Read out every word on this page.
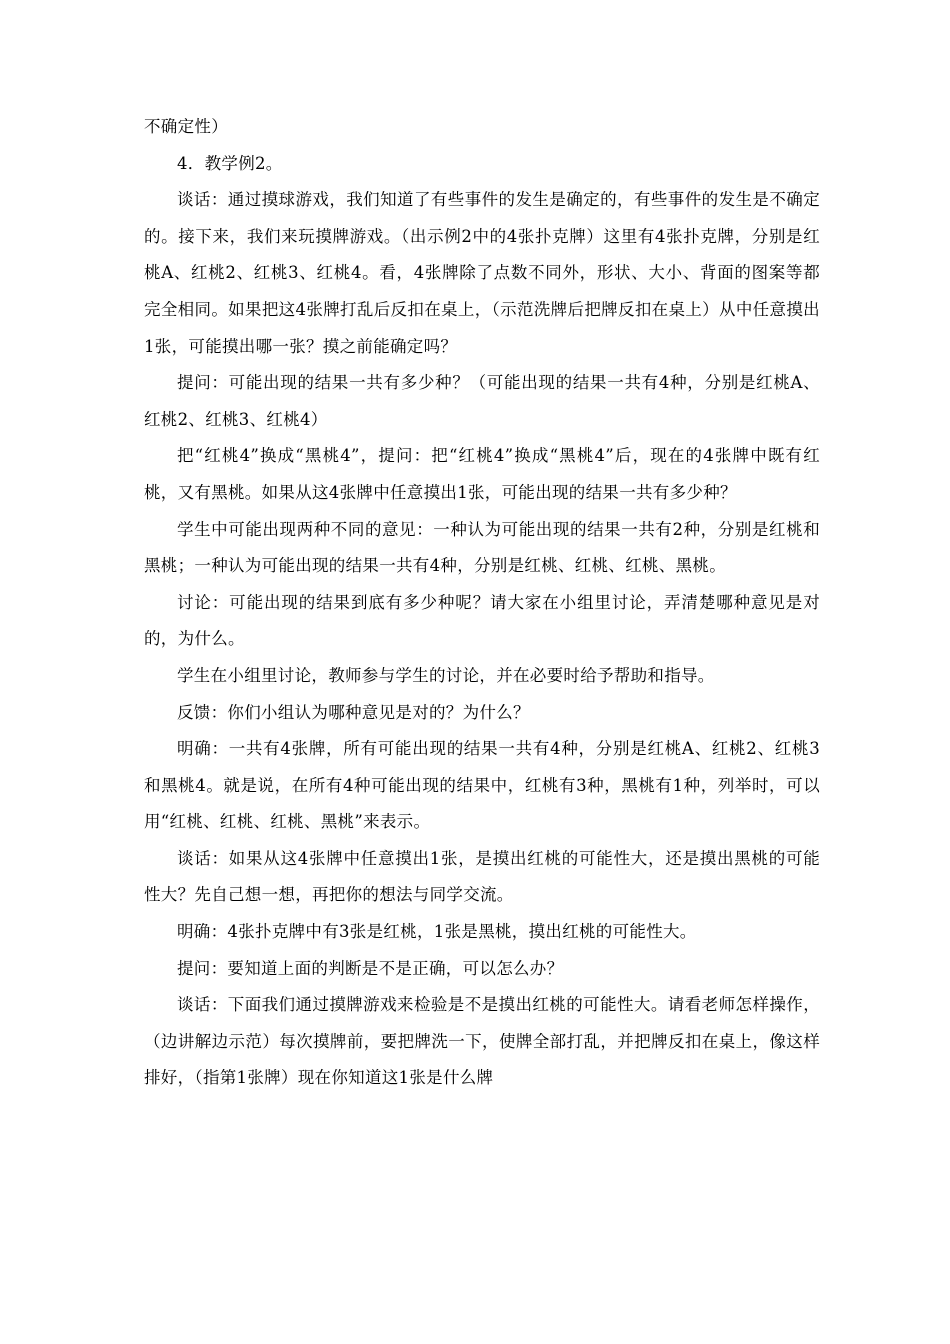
不确定性）

4．教学例2。

谈话：通过摸球游戏，我们知道了有些事件的发生是确定的，有些事件的发生是不确定的。接下来，我们来玩摸牌游戏。（出示例2中的4张扑克牌）这里有4张扑克牌，分别是红桃A、红桃2、红桃3、红桃4。看，4张牌除了点数不同外，形状、大小、背面的图案等都完全相同。如果把这4张牌打乱后反扣在桌上，（示范洗牌后把牌反扣在桌上）从中任意摸出1张，可能摸出哪一张？摸之前能确定吗？

提问：可能出现的结果一共有多少种？（可能出现的结果一共有4种，分别是红桃A、红桃2、红桃3、红桃4）

把“红桃4”换成“黑桃4”，提问：把“红桃4”换成“黑桃4”后，现在的4张牌中既有红桃，又有黑桃。如果从这4张牌中任意摸出1张，可能出现的结果一共有多少种？

学生中可能出现两种不同的意见：一种认为可能出现的结果一共有2种，分别是红桃和黑桃；一种认为可能出现的结果一共有4种，分别是红桃、红桃、红桃、黑桃。

讨论：可能出现的结果到底有多少种呢？请大家在小组里讨论，弄清楚哪种意见是对的，为什么。

学生在小组里讨论，教师参与学生的讨论，并在必要时给予帮助和指导。

反馈：你们小组认为哪种意见是对的？为什么？

明确：一共有4张牌，所有可能出现的结果一共有4种，分别是红桃A、红桃2、红桃3和黑桃4。就是说，在所有4种可能出现的结果中，红桃有3种，黑桃有1种，列举时，可以用“红桃、红桃、红桃、黑桃”来表示。

谈话：如果从这4张牌中任意摸出1张，是摸出红桃的可能性大，还是摸出黑桃的可能性大？先自己想一想，再把你的想法与同学交流。

明确：4张扑克牌中有3张是红桃，1张是黑桃，摸出红桃的可能性大。

提问：要知道上面的判断是不是正确，可以怎么办？

谈话：下面我们通过摸牌游戏来检验是不是摸出红桃的可能性大。请看老师怎样操作，（边讲解边示范）每次摸牌前，要把牌洗一下，使牌全部打乱，并把牌反扣在桌上，像这样排好，（指第1张牌）现在你知道这1张是什么牌
